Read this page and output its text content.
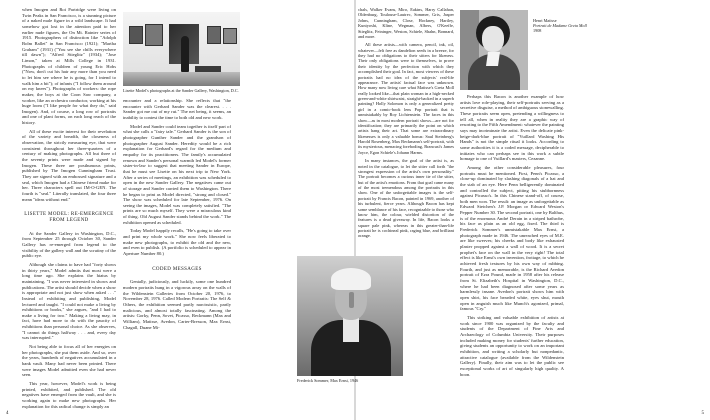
when Imogen and Roi Partridge were living on Twin Peaks in San Francisco, is a stunning picture of a naked male figure in a wild landscape. It had somehow got lost in the attention paid to her earlier nude figures, the On Mt. Rainier series of 1915. Photographers of distinction like "Adolph Bolm Ballet" in San Francisco (1921); "Martha Graham" (1931) ("You see she chills everywhere till dawn"); "Alfred Stieglitz" (1934); "Jose Limon," taken at Mills College in 1931. Photographs of children of young Eric Hobs ("Now, don't cut his hair any more than you need to let him see where he is going, for I intend to walk him a bit"); of infants ("I follow them around on my knees"). Photographs of workers: the rope maker, the boys at the Coon Saw company, a worker, like an orchestra conductor, working at his huge loom ("I like people for what they do," said Imogen). And, of course, a long row of portraits and one of plant forms, on each long reach of the history.

All of these excite interest for their revelation of the variety and breadth, the closeness of observation, the strictly measuring eye, that were consistent throughout her three-quarters of a century of making photographs. All but three of the seventy prints were made and signed by Imogen. These three are posthumous prints, published by The Imogen Cunningham Trust. They are signed with an embossed signature and a seal, which Imogen had a Chinese friend make for her. Three characters spell out IM-O-GEN. The fourth is "seal." Literally translated, the four three mean "ideas without end."

LISETTE MODEL: RE-EMERGENCE FROM LEGEND

At the Sander Gallery in Washington, D.C., from September 25 through October 30, Sander Gallery has re-emerged from legend to the visibility of the gallery wall and the scrutiny of the public eye.

Although she claims to have had "forty shows in thirty years," Model admits that most were a long time ago. She explains the hiatus by maintaining, "I was never interested in shows and publications. The artist should decide when a show is appropriate and not just show when asked . . ." Instead of exhibiting and publishing, Model lectured and taught. "I could not make a living by exhibitions or books," she argues, "and I had to make a living for two." Making a living may, in fact, have had more to do with the paucity of exhibitions than personal choice. As she observes, "I cannot do things halfway . . . and, every day was interrupted."

Not being able to focus all of her energies on her photographs, she put them aside. And so, over the years, hundreds of negatives accumulated in a bank vault. Many had never been printed. There were images Model admitted even she had never seen.

This year, however, Model's work is being printed, exhibited, and published. The old negatives have emerged from the vault, and she is working again to make new photographs. Her explanation for this radical change is simply an

Lisette Model's photographs at the Sander Gallery, Washington, D.C.

encounter and a relationship. She reflects that "the encounter with Gerhard Sander was the clearest. . . . Sander got me out of my rut." The net being, it seems, an inability to contest the time to both old and new work.

Model and Sander could team together is itself part of what she calls a "fairy tale." Gerhard Sander is the son of photographer Gunther Sander and the grandson of photographer August Sander. Heredity would be a rich explanation for Gerhard's regard for the medium and empathy for its practitioners. The family's accumulated renown and Sander's personal warmth led Model's former sister-in-law to suggest that meeting Sander in Europe, that he must see Lisette on his next trip to New York. After a series of meetings, an exhibition was scheduled to open in the new Sander Gallery. The negatives came out of storage and Sander carried them to Washington. There he began to print as Model directed, "strong and closed." The show was scheduled for late September, 1976. On seeing the images, Model was completely satisfied. "The prints are so much myself. They were a miraculous kind of thing. Old August Sander stands behind the work." The exhibition opened as scheduled.

Today Model happily recalls, "He's going to take over and print my whole work." She now feels liberated to make new photographs, to exhibit the old and the new, and even to publish. (A portfolio is scheduled to appear in Aperture Number 80.)

CODED MESSAGES

Genially, judiciously, and luckily, some one hundred modern portraits hung in a vigorous array on the walls of the Wildenstein Galleries from October 20, 1976, to November 28, 1976. Called Modern Portraits: The Self & Others, the exhibition seemed partly narcissistic, partly malicious, and almost totally fascinating. Among the artists: Gorky, Penn, Sovet, Picasso, Beckmann (Max and William), Matisse, Avedon, Carter-Bresson, Max Ernst, Chagall, Duane Mi-

4

chals, Walker Evans, Miro, Eakins, Harry Callahan, Oldenburg, Toulouse-Lautrec, Sommer, Gris, Jasper Johns, Cunningham, Close, Hockney, Hartley, Kuniyoshi, Kline, Wegman, Albers, O'Keeffe, Stieglitz, Feininger, Weston, Schiele, Shahn, Bonnard, and more.

All these artists—with camera, pencil, ink, oil, whatever—felt free as dandelion seeds in a breeze, for they had no obligations to their sitters for likeness. Their only obligations were to themselves, to prove their identity by the perfection with which they accomplished their goal. In fact, most viewers of these portraits had no idea of the subjects' real-life appearance. The artists' factual face was unknown. How many now living care what Matisse's Greta Moll really looked like—that plain woman in a high-necked green-and-white shirtwaist, straight-backed in a superb painting? Holly Solomon is only a generalized pretty girl in a comic-book lens Pop portrait that is unmistakably by Roy Lichtenstein. The faces in this show—as in most modern portrait shows—are not for identification; they are primarily the point on which artists hang their art. That some are extraordinary likenesses is only a valuable bonus: Saul Steinberg's Harold Rosenberg, Max Beckmann's self-portrait, with its mysterious, menacing foreboding, Brancusi's James Joyce, Egon Schiele's Johann Harms.

In many instances, the goal of the artist is, as noted in the catalogue, to let the sitter call forth "the strongest expression of the artist's own personality." The portrait becomes a curious inner tie of the sitter, but of the artist's emotions. From that goal came many of the most tremendous among the portraits in this show. One of the unforgettable images is the self-portrait by Francis Bacon, painted in 1969, another of his turbulent, fierce years. Although Bacon has kept some semblance of his face, recognizable to those who know him, the colour, wielded distortion of the features is a dead giveaway. In life, Bacon looks a square pale pink, whereas in this greater-than-life portrait he is cochineal pink, raging blue, and brilliant orange.

5
Frederick Sommer, Max Ernst, 1946
Henri Matisse
Portrait de Madame Greta Moll
1908

Perhaps this Bacon is another example of how artists love role-playing, their self-portraits serving as a secretive disguise, a method of ambiguous stonewalling. These portraits seem open, pretending a willingness to tell all, when in reality they are a graphic way of resorting to the Fifth Amendment: whatever the painting says may incriminate the artist. Even the delicate pink-beige-dark-blue portrait of "Vuillard Washing His Hands" is not the simple ritual it looks. According to some authorities it is a coded message, decipherable to initiates who can perhaps see in this work a subtle homage to one of Vuillard's masters, Cezanne.

Among the other considerable pleasures, four portraits must be mentioned. First, Penn's Picasso, a close-up dominated by slashing diagonals of a hat and the stab of an eye. Here Penn belligerently dominated and controlled the subject, pitting his stubbornness against Picasso's. In this Chinese stand-off, of course, both men won. The result: an image as unforgettable as Edward Steichen's J.P. Morgan or Edward Weston's Pepper Number 30. The second portrait, one by Balthus, is of the enormous André Derain in a striped bathrobe, his face as plain as an old egg, fixed. The third is Frederick Sommer's unmistakable Max Ernst, a photograph made in 1946. The unreached eyes of M.E. are like swerves; his cheeks and body like exhausted plaster propped against a wall of wood. It is a secret prophet's face on the wall in the very right! The total effect is like Ernst's own invention, frottage, to which he achieved fresh textures by his own way of rubbing. Fourth, and just as memorable, is the Richard Avedon portrait of Ezra Pound, made in 1958 after his release from St. Elizabeth's Hospital in Washington, D.C., where he had been diagnosed after some years as harmlessly insane. Avedon's portrait shows him with open shirt, his face bearded white, eyes shut, mouth open in anguish much like Munch's agonized, primal, famous "Cry."

This striking and valuable exhibition of artists at work since 1900 was organized by the faculty and students of the Department of Fine Arts and Archaeology of Columbia University. Their purposes included making money for students' further education, giving students an opportunity to work on an important exhibition, and writing a scholarly but nonpedantic, attractive catalogue (available from the Wildenstein Gallery). Finally, their aim was to let the public see exceptional works of art of singularly high quality. A boon.
